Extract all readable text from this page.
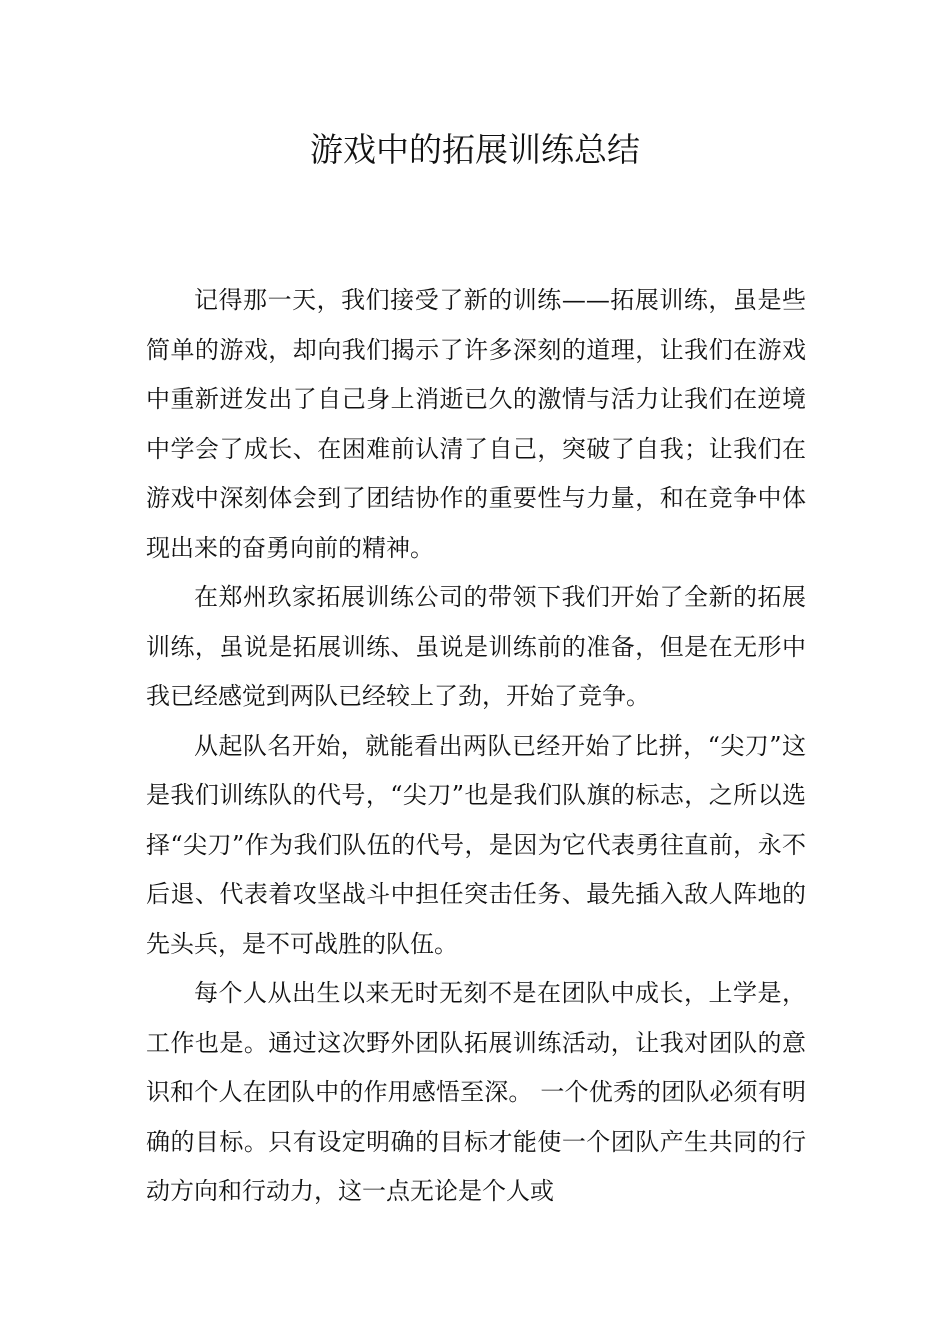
游戏中的拓展训练总结

记得那一天，我们接受了新的训练——拓展训练，虽是些简单的游戏，却向我们揭示了许多深刻的道理，让我们在游戏中重新迸发出了自己身上消逝已久的激情与活力让我们在逆境中学会了成长、在困难前认清了自己，突破了自我；让我们在游戏中深刻体会到了团结协作的重要性与力量，和在竞争中体现出来的奋勇向前的精神。

在郑州玖家拓展训练公司的带领下我们开始了全新的拓展训练，虽说是拓展训练、虽说是训练前的准备，但是在无形中我已经感觉到两队已经较上了劲，开始了竞争。

从起队名开始，就能看出两队已经开始了比拼，“尖刀”这是我们训练队的代号，“尖刀”也是我们队旗的标志，之所以选择“尖刀”作为我们队伍的代号，是因为它代表勇往直前，永不后退、代表着攻坚战斗中担任突击任务、最先插入敌人阵地的先头兵，是不可战胜的队伍。

每个人从出生以来无时无刻不是在团队中成长，上学是，工作也是。通过这次野外团队拓展训练活动，让我对团队的意识和个人在团队中的作用感悟至深。 一个优秀的团队必须有明确的目标。只有设定明确的目标才能使一个团队产生共同的行动方向和行动力，这一点无论是个人或
